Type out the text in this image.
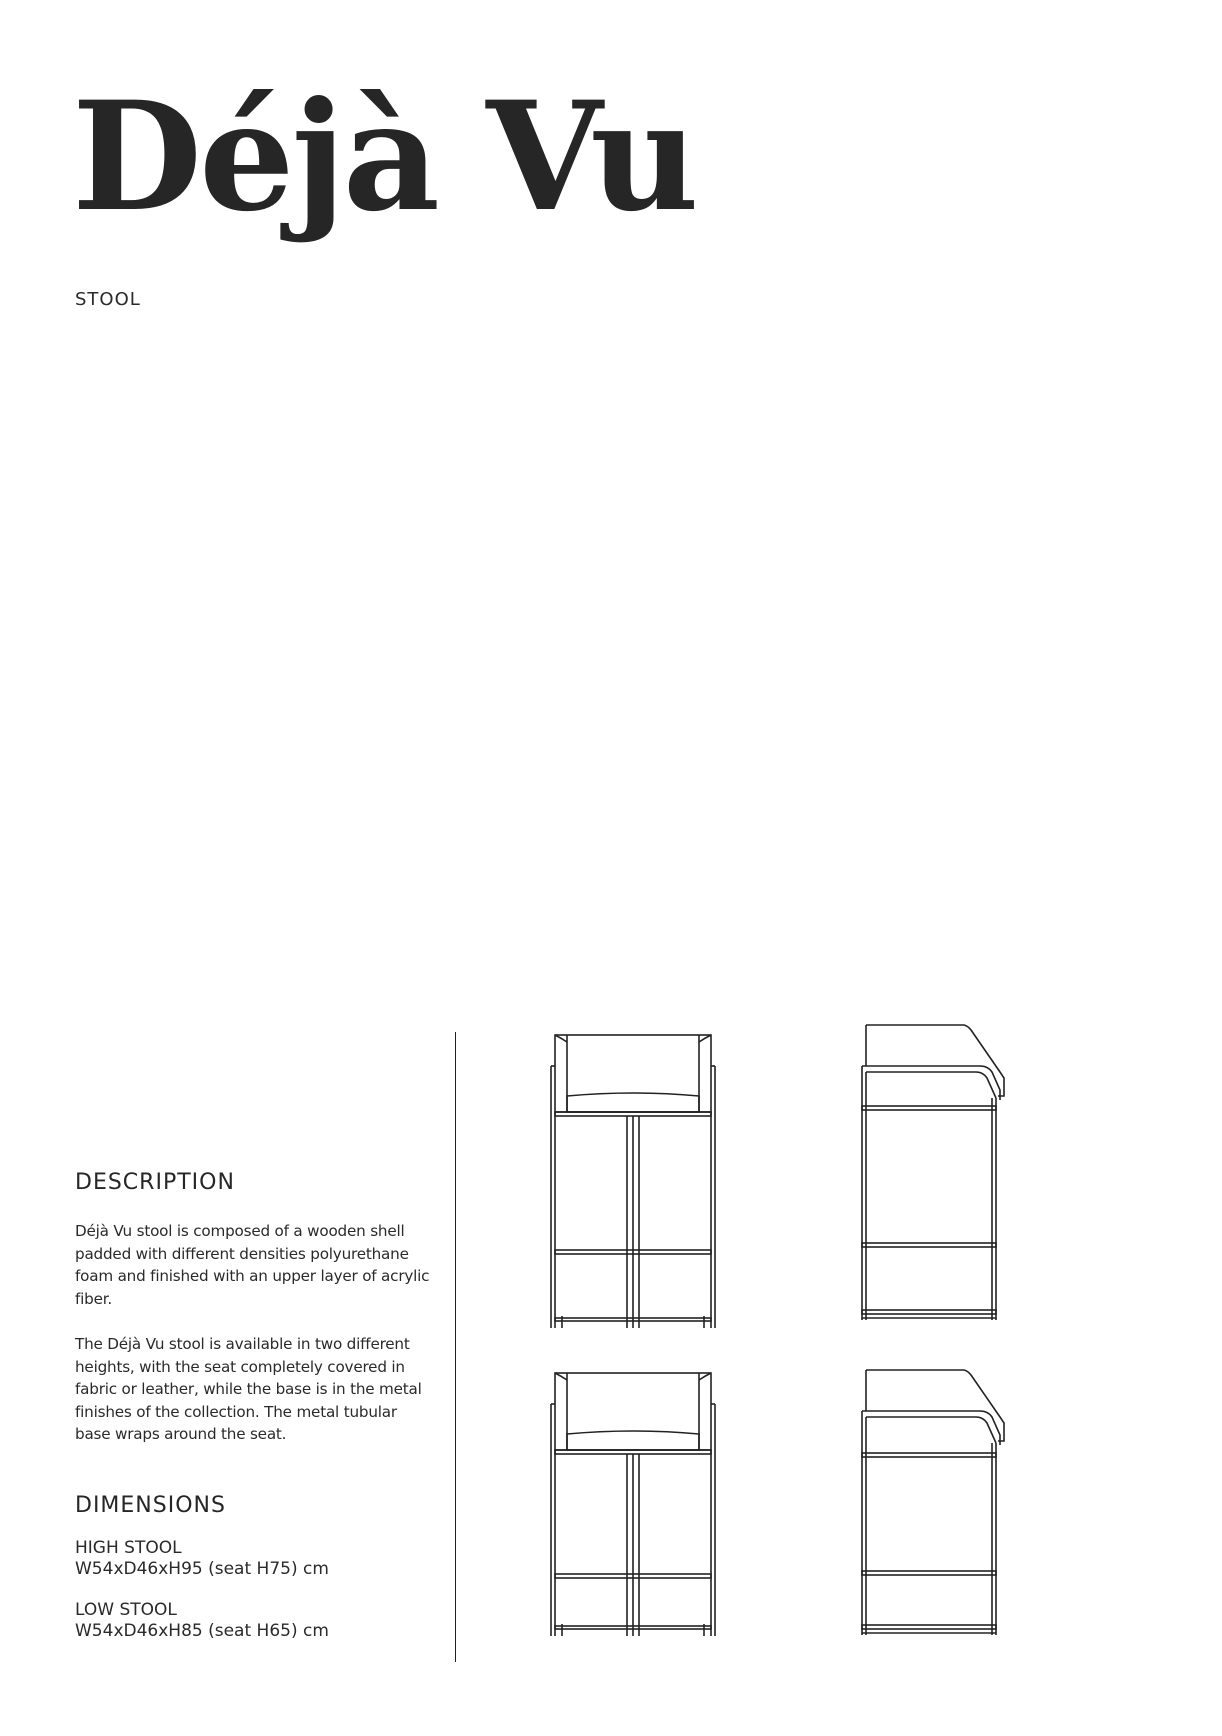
Déjà Vu
STOOL
DESCRIPTION

Déjà Vu stool is composed of a wooden shell padded with different densities polyurethane foam and finished with an upper layer of acrylic fiber.

The Déjà Vu stool is available in two different heights, with the seat completely covered in fabric or leather, while the base is in the metal finishes of the collection. The metal tubular base wraps around the seat.

DIMENSIONS
HIGH STOOL
W54xD46xH95 (seat H75) cm
LOW STOOL
W54xD46xH85 (seat H65) cm
